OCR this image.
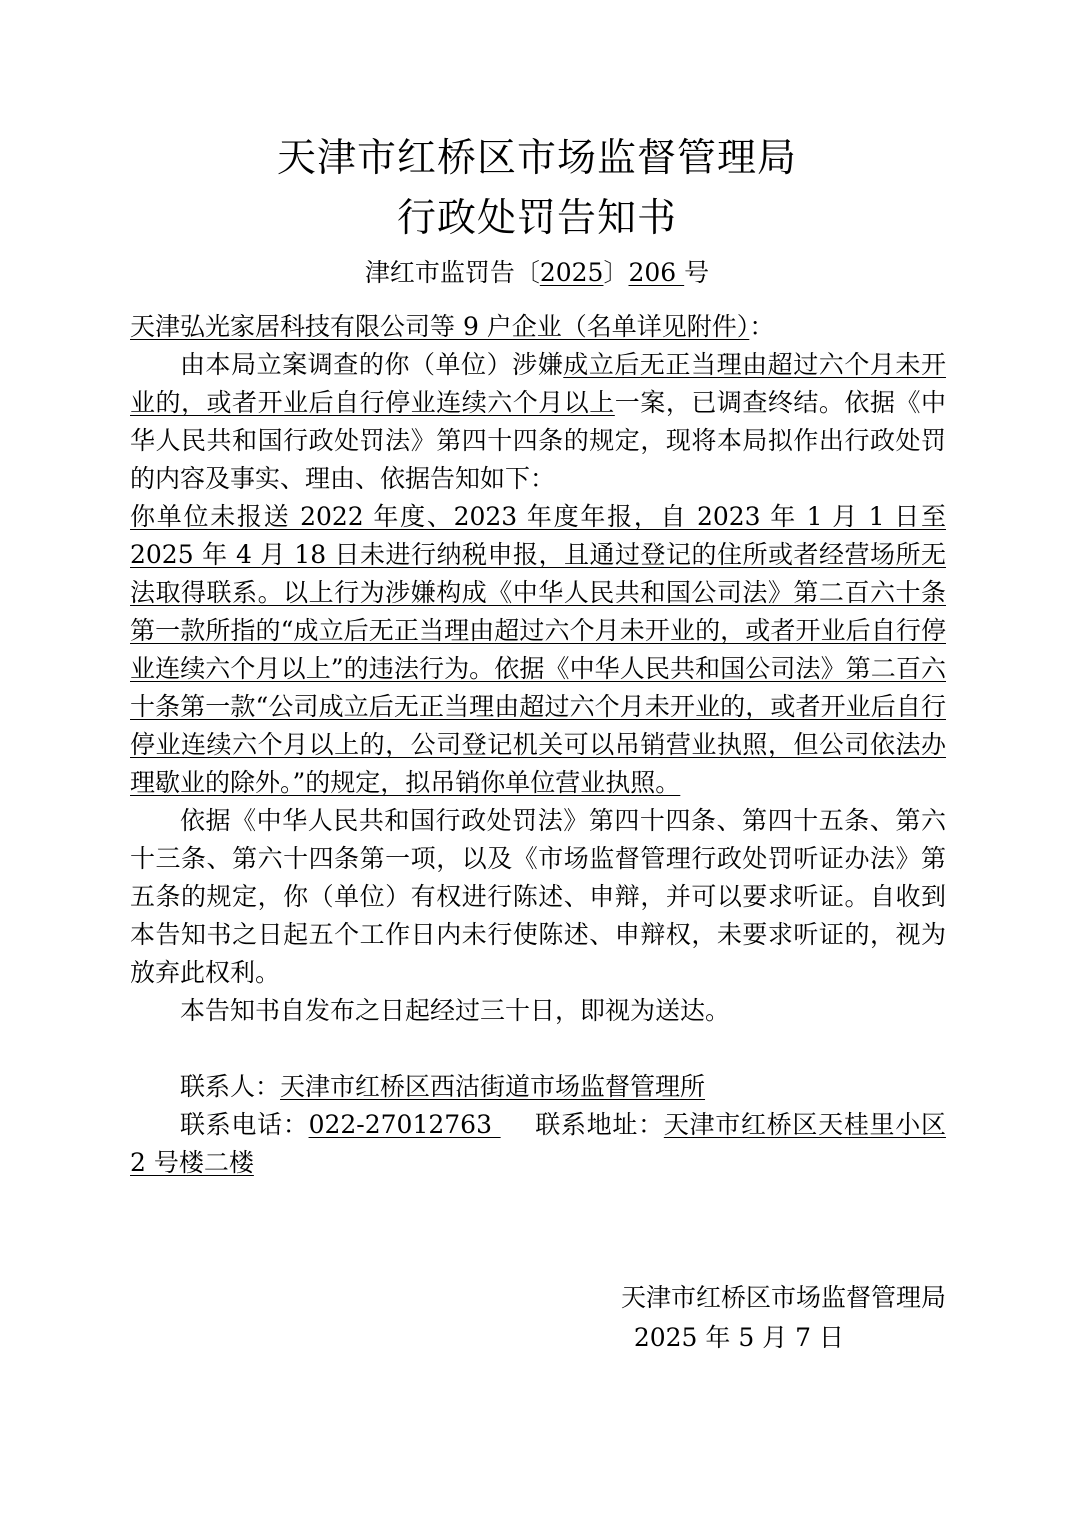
天津市红桥区市场监督管理局
行政处罚告知书
津红市监罚告〔2025〕206 号

天津弘光家居科技有限公司等 9 户企业（名单详见附件）：

由本局立案调查的你（单位）涉嫌成立后无正当理由超过六个月未开业的，或者开业后自行停业连续六个月以上一案，已调查终结。依据《中华人民共和国行政处罚法》第四十四条的规定，现将本局拟作出行政处罚的内容及事实、理由、依据告知如下：

你单位未报送 2022 年度、2023 年度年报，自 2023 年 1 月 1 日至 2025 年 4 月 18 日未进行纳税申报，且通过登记的住所或者经营场所无法取得联系。以上行为涉嫌构成《中华人民共和国公司法》第二百六十条第一款所指的“成立后无正当理由超过六个月未开业的，或者开业后自行停业连续六个月以上”的违法行为。依据《中华人民共和国公司法》第二百六十条第一款“公司成立后无正当理由超过六个月未开业的，或者开业后自行停业连续六个月以上的，公司登记机关可以吊销营业执照，但公司依法办理歇业的除外。”的规定，拟吊销你单位营业执照。

依据《中华人民共和国行政处罚法》第四十四条、第四十五条、第六十三条、第六十四条第一项，以及《市场监督管理行政处罚听证办法》第五条的规定，你（单位）有权进行陈述、申辩，并可以要求听证。自收到本告知书之日起五个工作日内未行使陈述、申辩权，未要求听证的，视为放弃此权利。

本告知书自发布之日起经过三十日，即视为送达。

联系人：天津市红桥区西沽街道市场监督管理所

联系电话：022-27012763     联系地址：天津市红桥区天桂里小区 2 号楼二楼

天津市红桥区市场监督管理局
2025 年 5 月 7 日
